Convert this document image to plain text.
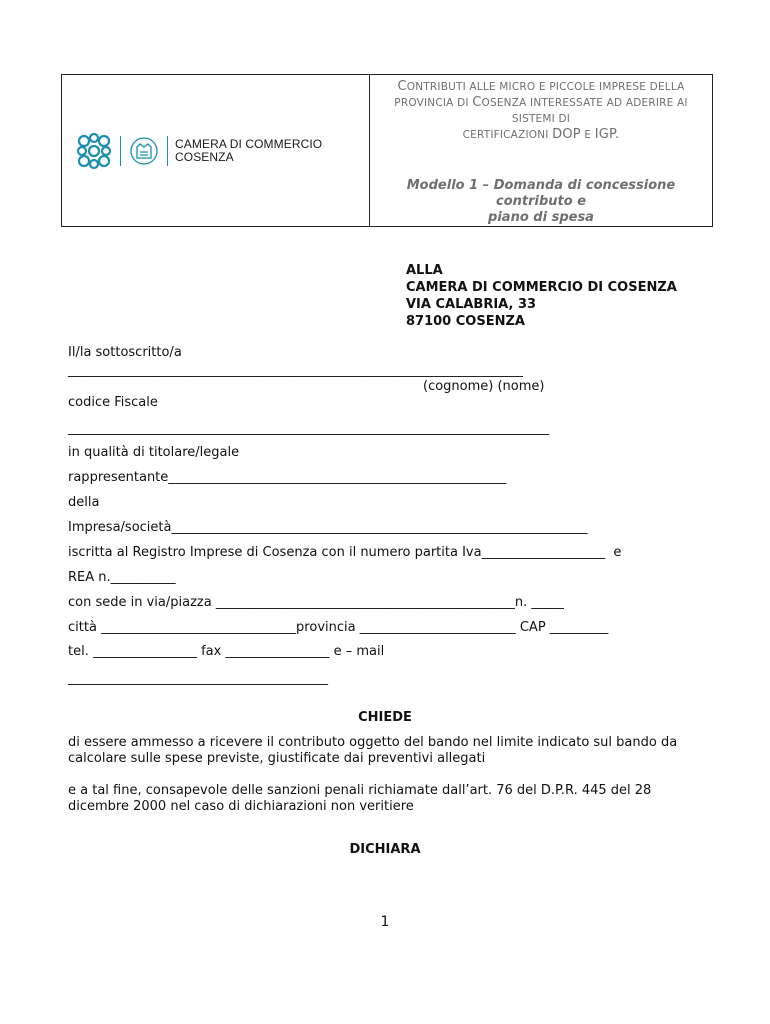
CAMERA DI COMMERCIO
COSENZA
CONTRIBUTI ALLE MICRO E PICCOLE IMPRESE DELLA
PROVINCIA DI COSENZA INTERESSATE AD ADERIRE AI
SISTEMI DI
CERTIFICAZIONI DOP E IGP.
Modello 1 – Domanda di concessione
contributo e
piano di spesa
ALLA
CAMERA DI COMMERCIO DI COSENZA
VIA CALABRIA, 33
87100 COSENZA
Il/la sottoscritto/a
______________________________________________________________________
(cognome) (nome)
codice Fiscale
__________________________________________________________________________
in qualità di titolare/legale
rappresentante____________________________________________________
della
Impresa/società________________________________________________________________
iscritta al Registro Imprese di Cosenza con il numero partita Iva___________________  e
REA n.__________
con sede in via/piazza ______________________________________________n. _____
città ______________________________provincia ________________________ CAP _________
tel. ________________ fax ________________ e – mail
________________________________________
CHIEDE
di essere ammesso a ricevere il contributo oggetto del bando nel limite indicato sul bando da calcolare sulle spese previste, giustificate dai preventivi allegati
e a tal fine, consapevole delle sanzioni penali richiamate dall’art. 76 del D.P.R. 445 del 28 dicembre 2000 nel caso di dichiarazioni non veritiere
DICHIARA
1
